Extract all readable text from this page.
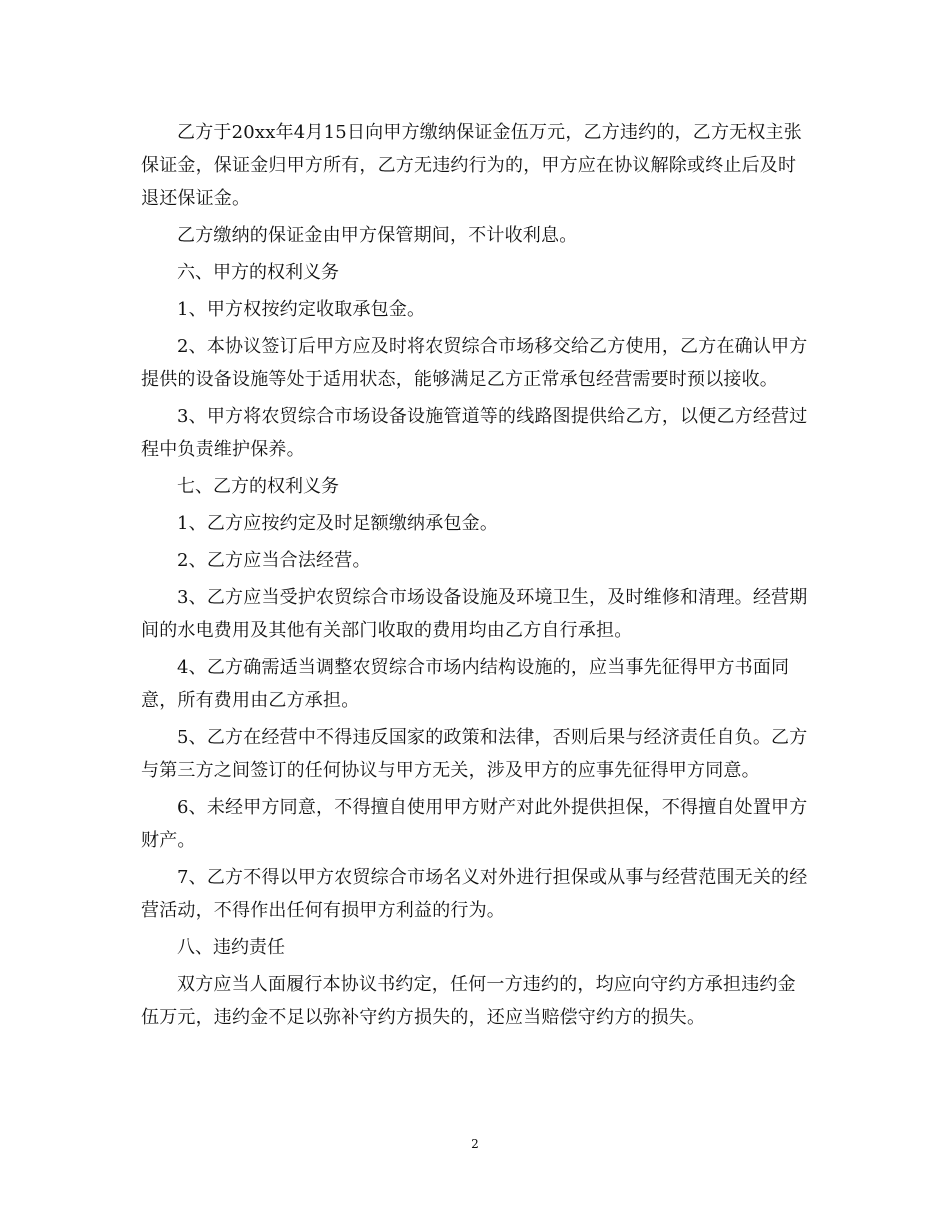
乙方于20xx年4月15日向甲方缴纳保证金伍万元，乙方违约的，乙方无权主张保证金，保证金归甲方所有，乙方无违约行为的，甲方应在协议解除或终止后及时退还保证金。

乙方缴纳的保证金由甲方保管期间，不计收利息。

六、甲方的权利义务

1、甲方权按约定收取承包金。

2、本协议签订后甲方应及时将农贸综合市场移交给乙方使用，乙方在确认甲方提供的设备设施等处于适用状态，能够满足乙方正常承包经营需要时预以接收。

3、甲方将农贸综合市场设备设施管道等的线路图提供给乙方，以便乙方经营过程中负责维护保养。

七、乙方的权利义务

1、乙方应按约定及时足额缴纳承包金。

2、乙方应当合法经营。

3、乙方应当受护农贸综合市场设备设施及环境卫生，及时维修和清理。经营期间的水电费用及其他有关部门收取的费用均由乙方自行承担。

4、乙方确需适当调整农贸综合市场内结构设施的，应当事先征得甲方书面同意，所有费用由乙方承担。

5、乙方在经营中不得违反国家的政策和法律，否则后果与经济责任自负。乙方与第三方之间签订的任何协议与甲方无关，涉及甲方的应事先征得甲方同意。

6、未经甲方同意，不得擅自使用甲方财产对此外提供担保，不得擅自处置甲方财产。

7、乙方不得以甲方农贸综合市场名义对外进行担保或从事与经营范围无关的经营活动，不得作出任何有损甲方利益的行为。

八、违约责任

双方应当人面履行本协议书约定，任何一方违约的，均应向守约方承担违约金伍万元，违约金不足以弥补守约方损失的，还应当赔偿守约方的损失。

2
